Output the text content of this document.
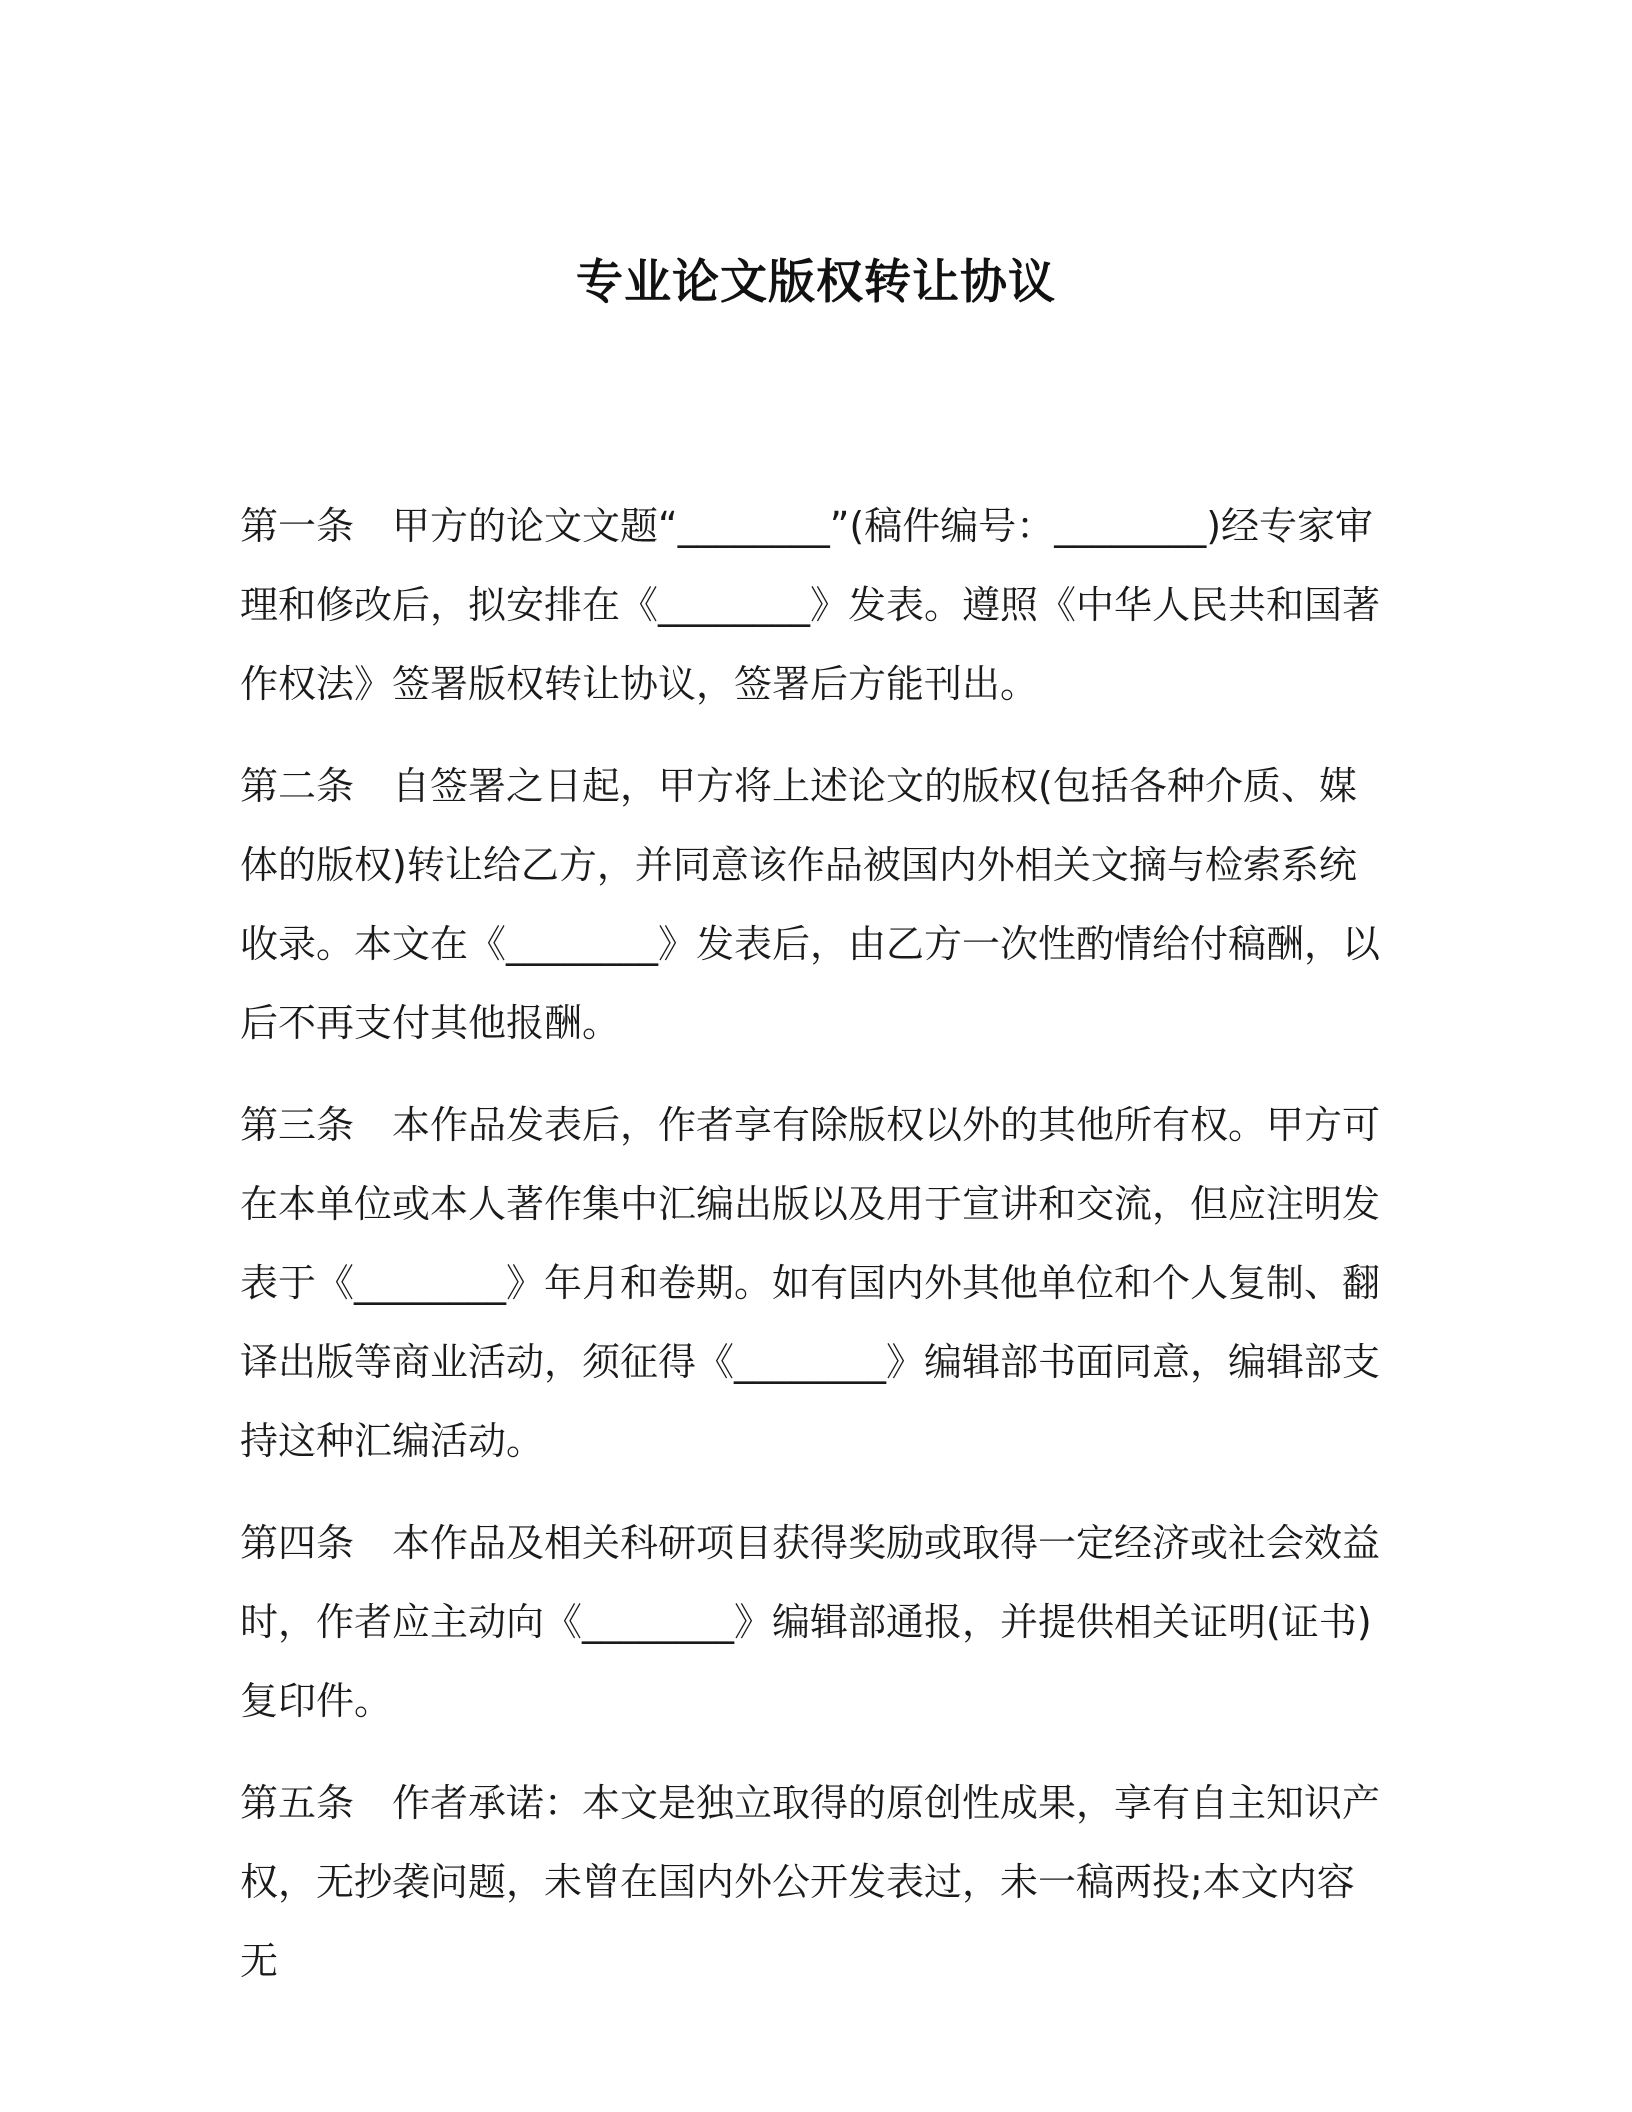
专业论文版权转让协议

第一条 甲方的论文文题“________”(稿件编号：________)经专家审理和修改后，拟安排在《________》发表。遵照《中华人民共和国著作权法》签署版权转让协议，签署后方能刊出。

第二条 自签署之日起，甲方将上述论文的版权(包括各种介质、媒体的版权)转让给乙方，并同意该作品被国内外相关文摘与检索系统收录。本文在《________》发表后，由乙方一次性酌情给付稿酬，以后不再支付其他报酬。

第三条 本作品发表后，作者享有除版权以外的其他所有权。甲方可在本单位或本人著作集中汇编出版以及用于宣讲和交流，但应注明发表于《________》年月和卷期。如有国内外其他单位和个人复制、翻译出版等商业活动，须征得《________》编辑部书面同意，编辑部支持这种汇编活动。

第四条 本作品及相关科研项目获得奖励或取得一定经济或社会效益时，作者应主动向《________》编辑部通报，并提供相关证明(证书)复印件。

第五条 作者承诺：本文是独立取得的原创性成果，享有自主知识产权，无抄袭问题，未曾在国内外公开发表过，未一稿两投;本文内容无
